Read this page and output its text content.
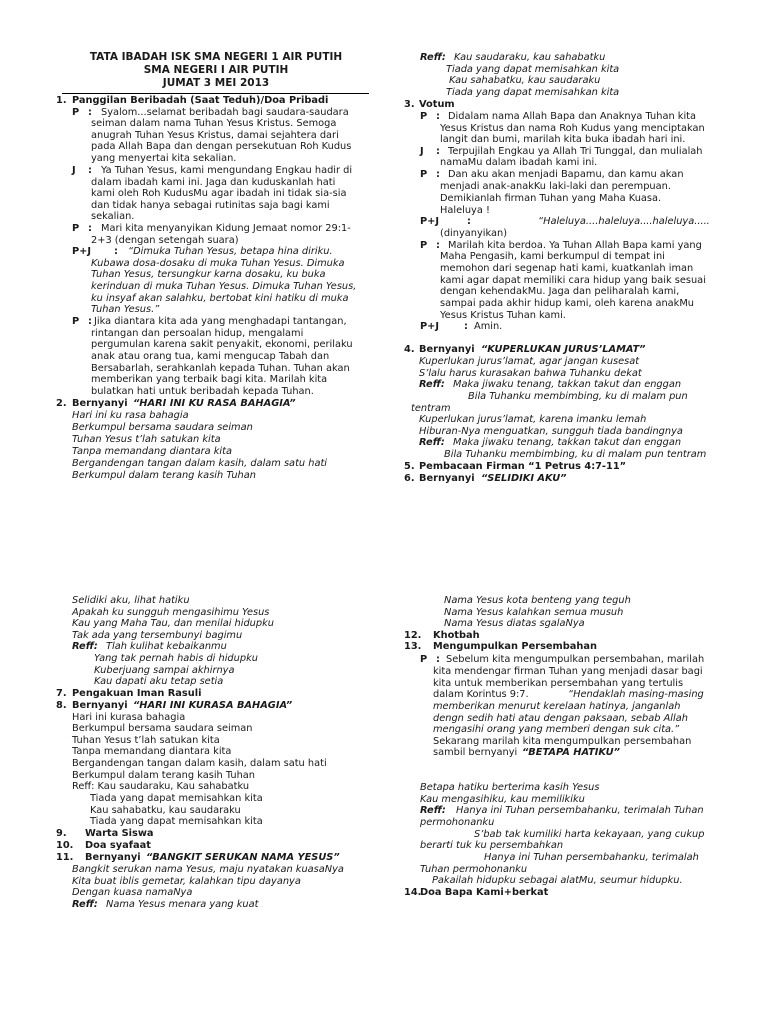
TATA IBADAH ISK SMA NEGERI 1 AIR PUTIH
SMA NEGERI I AIR PUTIH
JUMAT 3 MEI 2013
1. Panggilan Beribadah (Saat Teduh)/Doa Pribadi
P : Syalom...selamat beribadah bagi saudara-saudara
seiman dalam nama Tuhan Yesus Kristus. Semoga
anugrah Tuhan Yesus Kristus, damai sejahtera dari
pada Allah Bapa dan dengan persekutuan Roh Kudus
yang menyertai kita sekalian.
J : Ya Tuhan Yesus, kami mengundang Engkau hadir di
dalam ibadah kami ini. Jaga dan kuduskanlah hati
kami oleh Roh KudusMu agar ibadah ini tidak sia-sia
dan tidak hanya sebagai rutinitas saja bagi kami
sekalian.
P : Mari kita menyanyikan Kidung Jemaat nomor 29:1-
2+3 (dengan setengah suara)
P+J : “Dimuka Tuhan Yesus, betapa hina diriku.
Kubawa dosa-dosaku di muka Tuhan Yesus. Dimuka
Tuhan Yesus, tersungkur karna dosaku, ku buka
kerinduan di muka Tuhan Yesus. Dimuka Tuhan Yesus,
ku insyaf akan salahku, bertobat kini hatiku di muka
Tuhan Yesus.”
P : Jika diantara kita ada yang menghadapi tantangan,
rintangan dan persoalan hidup, mengalami
pergumulan karena sakit penyakit, ekonomi, perilaku
anak atau orang tua, kami mengucap Tabah dan
Bersabarlah, serahkanlah kepada Tuhan. Tuhan akan
memberikan yang terbaik bagi kita. Marilah kita
bulatkan hati untuk beribadah kepada Tuhan.
2. Bernyanyi “HARI INI KU RASA BAHAGIA”
Hari ini ku rasa bahagia
Berkumpul bersama saudara seiman
Tuhan Yesus t’lah satukan kita
Tanpa memandang diantara kita
Bergandengan tangan dalam kasih, dalam satu hati
Berkumpul dalam terang kasih Tuhan
Reff: Kau saudaraku, kau sahabatku
Tiada yang dapat memisahkan kita
Kau sahabatku, kau saudaraku
Tiada yang dapat memisahkan kita
3. Votum
P : Didalam nama Allah Bapa dan Anaknya Tuhan kita
Yesus Kristus dan nama Roh Kudus yang menciptakan
langit dan bumi, marilah kita buka ibadah hari ini.
J : Terpujilah Engkau ya Allah Tri Tunggal, dan mulialah
namaMu dalam ibadah kami ini.
P : Dan aku akan menjadi Bapamu, dan kamu akan
menjadi anak-anakKu laki-laki dan perempuan.
Demikianlah firman Tuhan yang Maha Kuasa.
Haleluya !
P+J	:	“Haleluya....haleluya....haleluya.....
(dinyanyikan)
P : Marilah kita berdoa. Ya Tuhan Allah Bapa kami yang
Maha Pengasih, kami berkumpul di tempat ini
memohon dari segenap hati kami, kuatkanlah iman
kami agar dapat memiliki cara hidup yang baik sesuai
dengan kehendakMu. Jaga dan peliharalah kami,
sampai pada akhir hidup kami, oleh karena anakMu
Yesus Kristus Tuhan kami.
P+J	: Amin.
4. Bernyanyi “KUPERLUKAN JURUS’LAMAT”
Kuperlukan jurus’lamat, agar jangan kusesat
S’lalu harus kurasakan bahwa Tuhanku dekat
Reff: Maka jiwaku tenang, takkan takut dan enggan
Bila Tuhanku membimbing, ku di malam pun
tentram
Kuperlukan jurus’lamat, karena imanku lemah
Hiburan-Nya menguatkan, sungguh tiada bandingnya
Reff: Maka jiwaku tenang, takkan takut dan enggan
Bila Tuhanku membimbing, ku di malam pun tentram
5. Pembacaan Firman “1 Petrus 4:7-11”
6. Bernyanyi “SELIDIKI AKU”
Selidiki aku, lihat hatiku
Apakah ku sungguh mengasihimu Yesus
Kau yang Maha Tau, dan menilai hidupku
Tak ada yang tersembunyi bagimu
Reff: Tlah kulihat kebaikanmu
Yang tak pernah habis di hidupku
Kuberjuang sampai akhirnya
Kau dapati aku tetap setia
7. Pengakuan Iman Rasuli
8. Bernyanyi “HARI INI KURASA BAHAGIA”
Hari ini kurasa bahagia
Berkumpul bersama saudara seiman
Tuhan Yesus t’lah satukan kita
Tanpa memandang diantara kita
Bergandengan tangan dalam kasih, dalam satu hati
Berkumpul dalam terang kasih Tuhan
Reff: Kau saudaraku, Kau sahabatku
Tiada yang dapat memisahkan kita
Kau sahabatku, kau saudaraku
Tiada yang dapat memisahkan kita
9. Warta Siswa
10. Doa syafaat
11. Bernyanyi “BANGKIT SERUKAN NAMA YESUS”
Bangkit serukan nama Yesus, maju nyatakan kuasaNya
Kita buat iblis gemetar, kalahkan tipu dayanya
Dengan kuasa namaNya
Reff: Nama Yesus menara yang kuat
Nama Yesus kota benteng yang teguh
Nama Yesus kalahkan semua musuh
Nama Yesus diatas sgalaNya
12. Khotbah
13. Mengumpulkan Persembahan
P : Sebelum kita mengumpulkan persembahan, marilah
kita mendengar firman Tuhan yang menjadi dasar bagi
kita untuk memberikan persembahan yang tertulis
dalam Korintus 9:7.	“Hendaklah masing-masing
memberikan menurut kerelaan hatinya, janganlah
dengn sedih hati atau dengan paksaan, sebab Allah
mengasihi orang yang memberi dengan suk cita.”
Sekarang marilah kita mengumpulkan persembahan
sambil bernyanyi “BETAPA HATIKU”
Betapa hatiku berterima kasih Yesus
Kau mengasihiku, kau memilikiku
Reff: Hanya ini Tuhan persembahanku, terimalah Tuhan
permohonanku
S’bab tak kumiliki harta kekayaan, yang cukup
berarti tuk ku persembahkan
Hanya ini Tuhan persembahanku, terimalah
Tuhan permohonanku
Pakailah hidupku sebagai alatMu, seumur hidupku.
14.
Doa Bapa Kami+berkat
